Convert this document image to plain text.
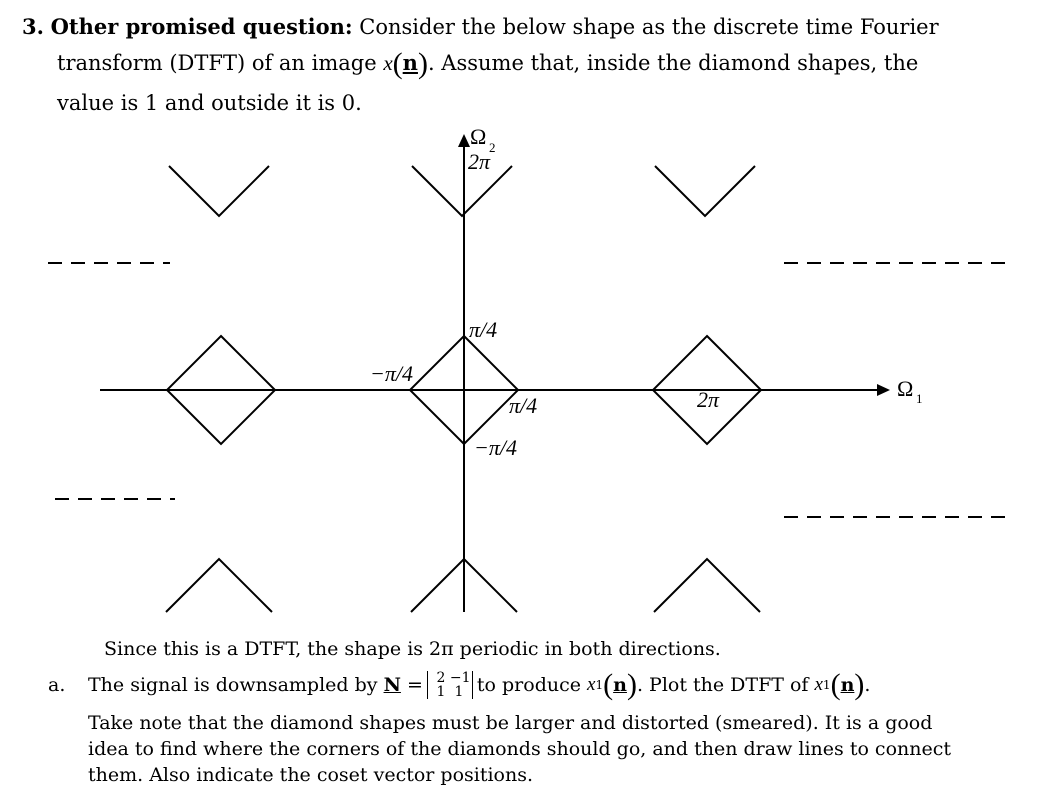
3. Other promised question: Consider the below shape as the discrete time Fourier
transform (DTFT) of an image x(n). Assume that, inside the diamond shapes, the
value is 1 and outside it is 0.
Ω 2
2π
π/4
−π/4
π/4
−π/4
2π	Ω 1
Since this is a DTFT, the shape is 2π periodic in both directions.
a.	The signal is downsampled by
N
= 2 −1
1 1 to produce
x 1 ( n ) . Plot the DTFT of
x 1 ( n ) .
Take note that the diamond shapes must be larger and distorted (smeared). It is a good
idea to find where the corners of the diamonds should go, and then draw lines to connect
them. Also indicate the coset vector positions.
